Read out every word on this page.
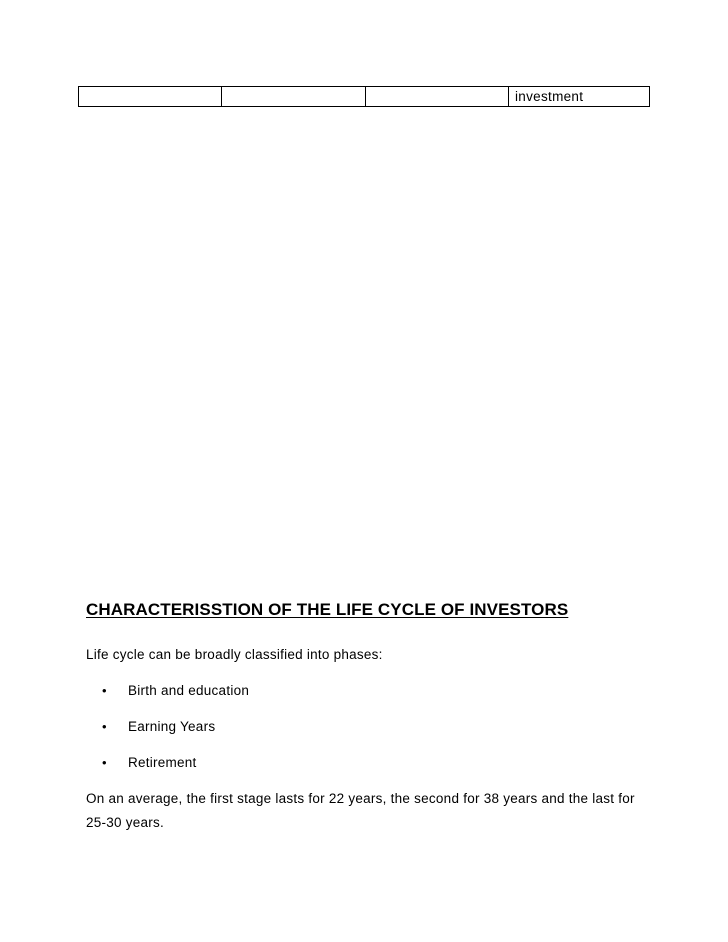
			investment
CHARACTERISSTION OF THE LIFE CYCLE OF INVESTORS

Life cycle can be broadly classified into phases:

• Birth and education
• Earning Years
• Retirement

On an average, the first stage lasts for 22 years, the second for 38 years and the last for 25-30 years.
